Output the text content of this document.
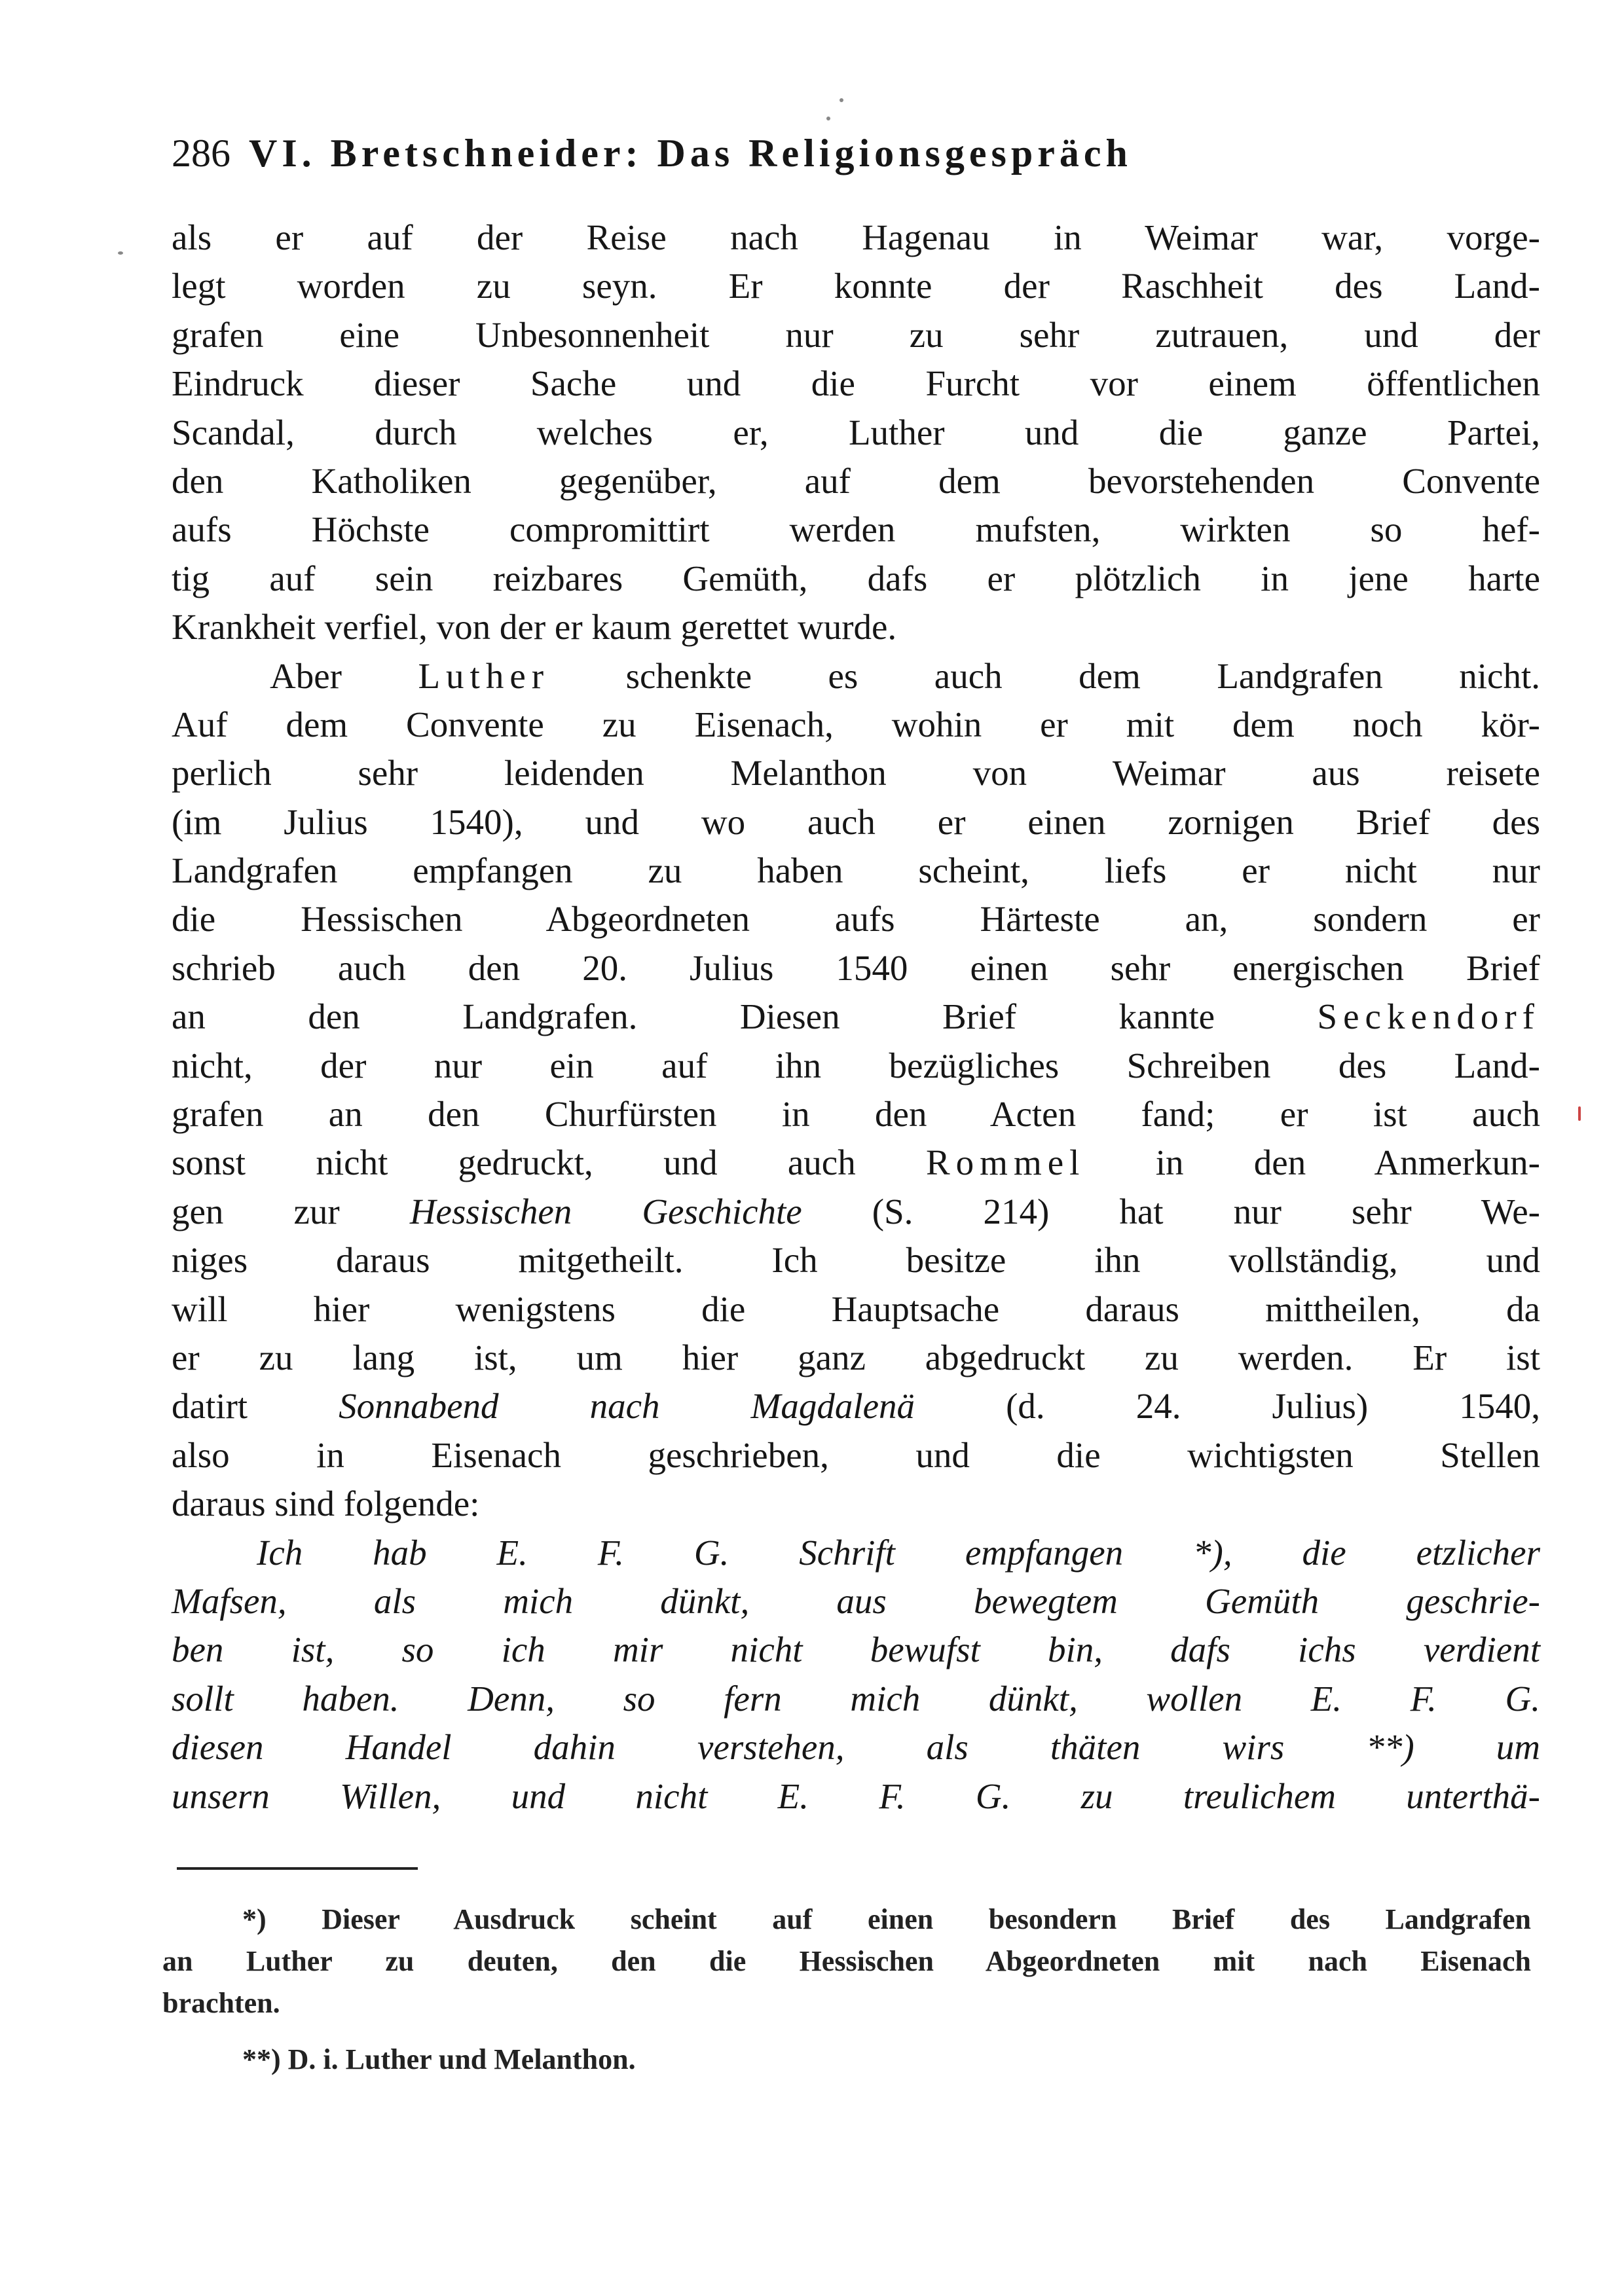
286 VI. Bretschneider: Das Religionsgespräch
als er auf der Reise nach Hagenau in Weimar war, vorge-
legt worden zu seyn. Er konnte der Raschheit des Land-
grafen eine Unbesonnenheit nur zu sehr zutrauen, und der
Eindruck dieser Sache und die Furcht vor einem öffentlichen
Scandal, durch welches er, Luther und die ganze Partei,
den Katholiken gegenüber, auf dem bevorstehenden Convente
aufs Höchste compromittirt werden mufsten, wirkten so hef-
tig auf sein reizbares Gemüth, dafs er plötzlich in jene harte
Krankheit verfiel, von der er kaum gerettet wurde.
Aber Luther schenkte es auch dem Landgrafen nicht.
Auf dem Convente zu Eisenach, wohin er mit dem noch kör-
perlich sehr leidenden Melanthon von Weimar aus reisete
(im Julius 1540), und wo auch er einen zornigen Brief des
Landgrafen empfangen zu haben scheint, liefs er nicht nur
die Hessischen Abgeordneten aufs Härteste an, sondern er
schrieb auch den 20. Julius 1540 einen sehr energischen Brief
an den Landgrafen. Diesen Brief kannte Seckendorf
nicht, der nur ein auf ihn bezügliches Schreiben des Land-
grafen an den Churfürsten in den Acten fand; er ist auch
sonst nicht gedruckt, und auch Rommel in den Anmerkun-
gen zur Hessischen Geschichte (S. 214) hat nur sehr We-
niges daraus mitgetheilt. Ich besitze ihn vollständig, und
will hier wenigstens die Hauptsache daraus mittheilen, da
er zu lang ist, um hier ganz abgedruckt zu werden. Er ist
datirt Sonnabend nach Magdalenä (d. 24. Julius) 1540,
also in Eisenach geschrieben, und die wichtigsten Stellen
daraus sind folgende:
Ich hab E. F. G. Schrift empfangen *), die etzlicher
Mafsen, als mich dünkt, aus bewegtem Gemüth geschrie-
ben ist, so ich mir nicht bewufst bin, dafs ichs verdient
sollt haben. Denn, so fern mich dünkt, wollen E. F. G.
diesen Handel dahin verstehen, als thäten wirs **) um
unsern Willen, und nicht E. F. G. zu treulichem unterthä-
*) Dieser Ausdruck scheint auf einen besondern Brief des Landgrafen
an Luther zu deuten, den die Hessischen Abgeordneten mit nach Eisenach
brachten.
**) D. i. Luther und Melanthon.
